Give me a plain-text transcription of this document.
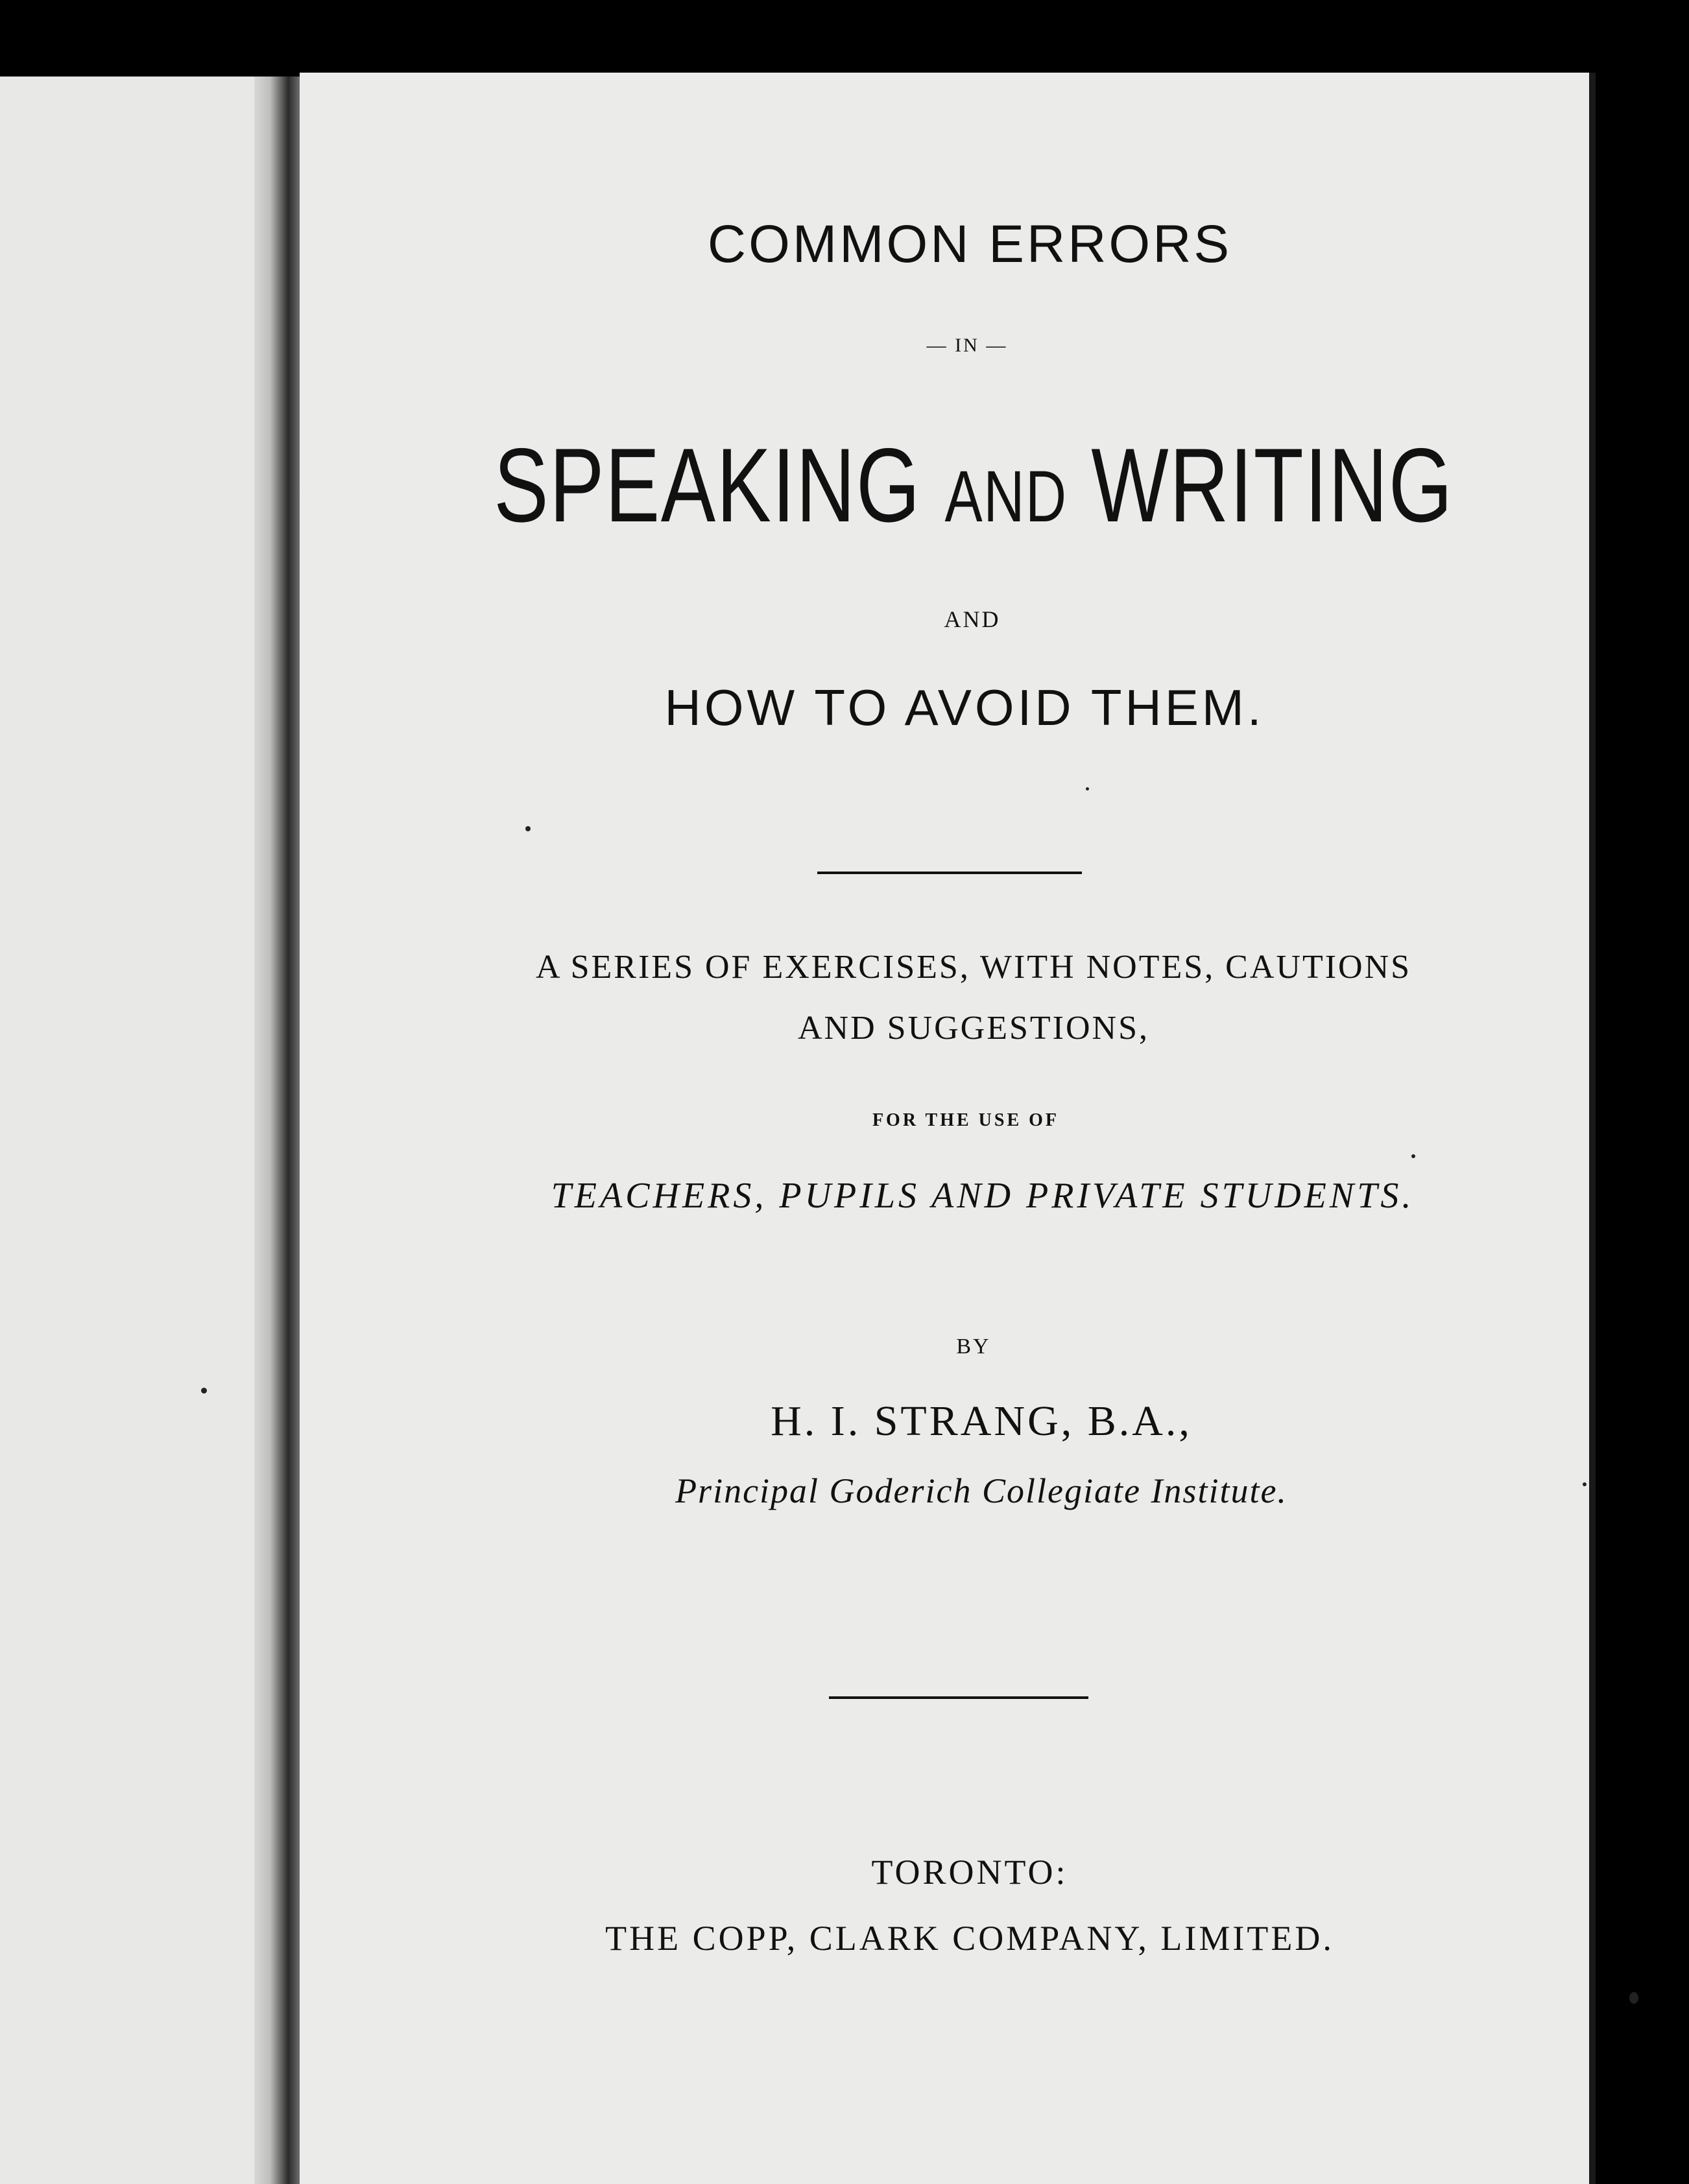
COMMON ERRORS
— IN —
SPEAKING AND WRITING
AND
HOW TO AVOID THEM.
A SERIES OF EXERCISES, WITH NOTES, CAUTIONS
AND SUGGESTIONS,
FOR THE USE OF
TEACHERS, PUPILS AND PRIVATE STUDENTS.
BY
H. I. STRANG, B.A.,
Principal Goderich Collegiate Institute.
TORONTO:
THE COPP, CLARK COMPANY, LIMITED.
